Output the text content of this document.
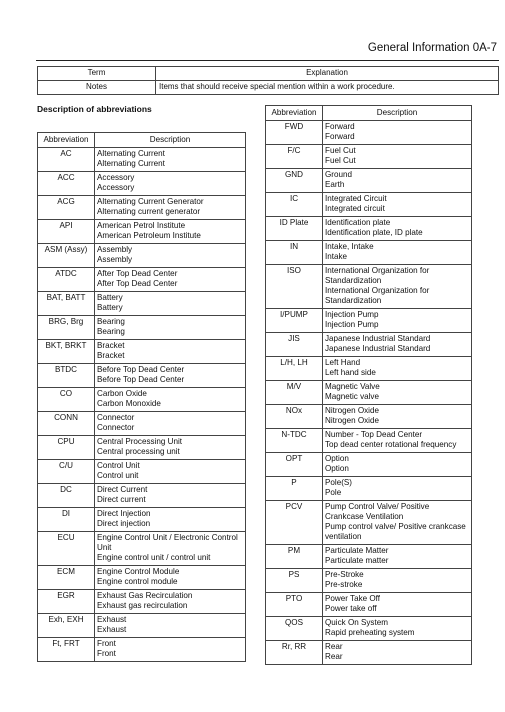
General Information 0A-7
Term	Explanation
Notes	Items that should receive special mention within a work procedure.
Description of abbreviations
Abbreviation	Description
AC	Alternating Current
Alternating Current

ACC	Accessory
Accessory

ACG	Alternating Current Generator
Alternating current generator

API	American Petrol Institute
American Petroleum Institute

ASM (Assy)	Assembly
Assembly

ATDC	After Top Dead Center
After Top Dead Center

BAT, BATT	Battery
Battery

BRG, Brg	Bearing
Bearing

BKT, BRKT	Bracket
Bracket

BTDC	Before Top Dead Center
Before Top Dead Center

CO	Carbon Oxide
Carbon Monoxide

CONN	Connector
Connector

CPU	Central Processing Unit
Central processing unit

C/U	Control Unit
Control unit

DC	Direct Current
Direct current

DI	Direct Injection
Direct injection

ECU	Engine Control Unit / Electronic Control Unit
Engine control unit / control unit

ECM	Engine Control Module
Engine control module

EGR	Exhaust Gas Recirculation
Exhaust gas recirculation

Exh, EXH	Exhaust
Exhaust

Ft, FRT	Front
Front
Abbreviation	Description
FWD	Forward
Forward

F/C	Fuel Cut
Fuel Cut

GND	Ground
Earth

IC	Integrated Circuit
Integrated circuit

ID Plate	Identification plate
Identification plate, ID plate

IN	Intake, Intake
Intake

ISO	International Organization for Standardization
International Organization for Standardization

I/PUMP	Injection Pump
Injection Pump

JIS	Japanese Industrial Standard
Japanese Industrial Standard

L/H, LH	Left Hand
Left hand side

M/V	Magnetic Valve
Magnetic valve

NOx	Nitrogen Oxide
Nitrogen Oxide

N-TDC	Number - Top Dead Center
Top dead center rotational frequency

OPT	Option
Option

P	Pole(S)
Pole

PCV	Pump Control Valve/ Positive Crankcase Ventilation
Pump control valve/ Positive crankcase ventilation

PM	Particulate Matter
Particulate matter

PS	Pre-Stroke
Pre-stroke

PTO	Power Take Off
Power take off

QOS	Quick On System
Rapid preheating system

Rr, RR	Rear
Rear
